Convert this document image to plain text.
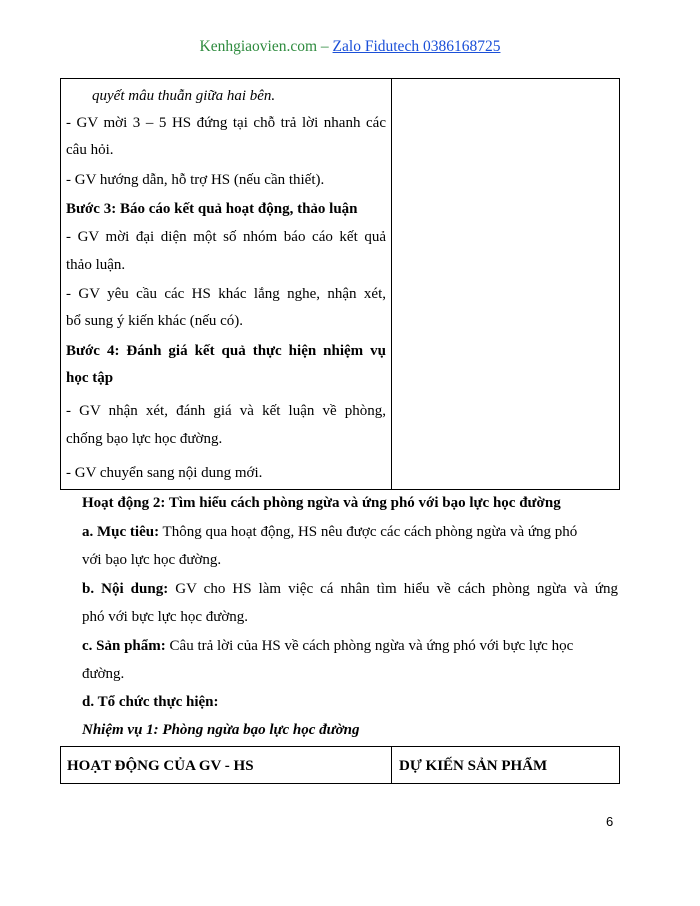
Kenhgiaovien.com – Zalo Fidutech 0386168725
quyết mâu thuẫn giữa hai bên.
- GV mời 3 – 5 HS đứng tại chỗ trả lời nhanh các
câu hỏi.
- GV hướng dẫn, hỗ trợ HS (nếu cần thiết).
Bước 3: Báo cáo kết quả hoạt động, thảo luận
- GV mời đại diện một số nhóm báo cáo kết quả
thảo luận.
- GV yêu cầu các HS khác lắng nghe, nhận xét,
bổ sung ý kiến khác (nếu có).
Bước 4: Đánh giá kết quả thực hiện nhiệm vụ
học tập
- GV nhận xét, đánh giá và kết luận về phòng,
chống bạo lực học đường.
- GV chuyển sang nội dung mới.
Hoạt động 2: Tìm hiểu cách phòng ngừa và ứng phó với bạo lực học đường
a. Mục tiêu: Thông qua hoạt động, HS nêu được các cách phòng ngừa và ứng phó
với bạo lực học đường.
b. Nội dung: GV cho HS làm việc cá nhân tìm hiểu về cách phòng ngừa và ứng
phó với bực lực học đường.
c. Sản phẩm: Câu trả lời của HS về cách phòng ngừa và ứng phó với bực lực học
đường.
d. Tổ chức thực hiện:
Nhiệm vụ 1: Phòng ngừa bạo lực học đường
HOẠT ĐỘNG CỦA GV - HS	DỰ KIẾN SẢN PHẨM
6
